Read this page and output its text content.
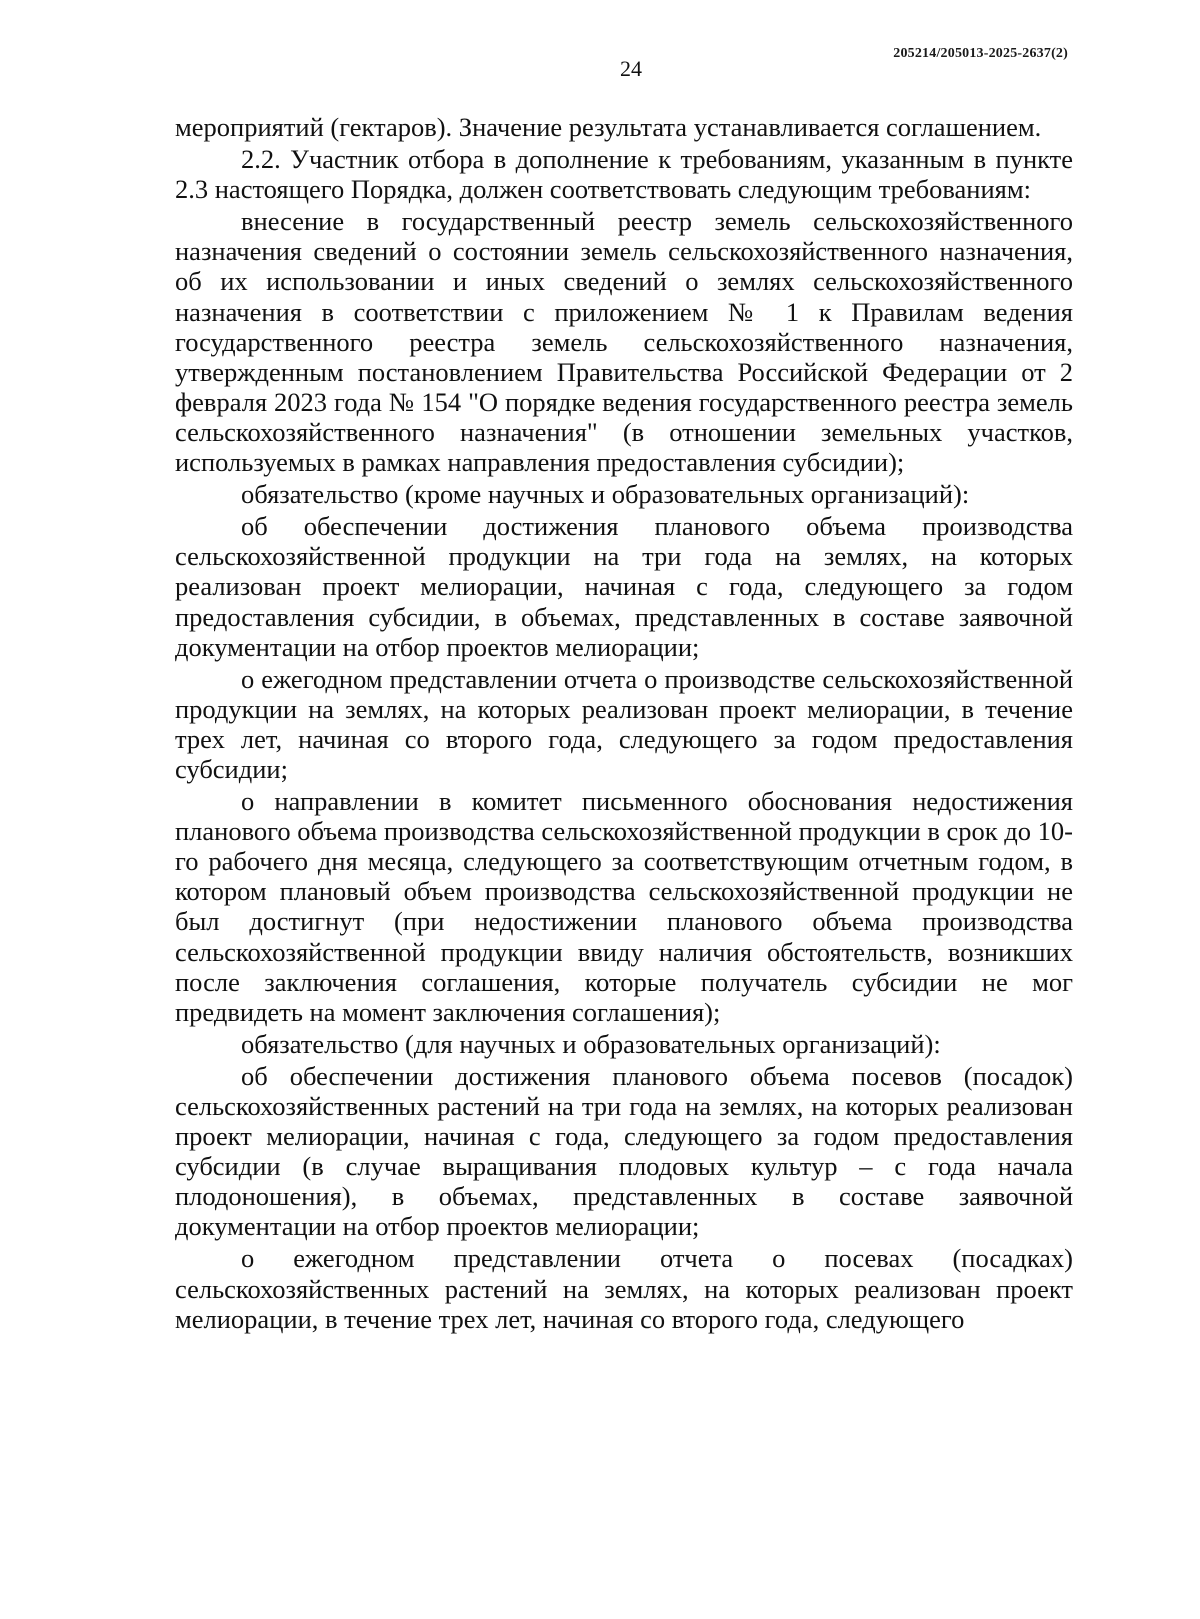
205214/205013-2025-2637(2)
24

мероприятий (гектаров). Значение результата устанавливается соглашением.

2.2. Участник отбора в дополнение к требованиям, указанным в пункте 2.3 настоящего Порядка, должен соответствовать следующим требованиям:

внесение в государственный реестр земель сельскохозяйственного назначения сведений о состоянии земель сельскохозяйственного назначения, об их использовании и иных сведений о землях сельскохозяйственного назначения в соответствии с приложением № 1 к Правилам ведения государственного реестра земель сельскохозяйственного назначения, утвержденным постановлением Правительства Российской Федерации от 2 февраля 2023 года № 154 "О порядке ведения государственного реестра земель сельскохозяйственного назначения" (в отношении земельных участков, используемых в рамках направления предоставления субсидии);

обязательство (кроме научных и образовательных организаций):

об обеспечении достижения планового объема производства сельскохозяйственной продукции на три года на землях, на которых реализован проект мелиорации, начиная с года, следующего за годом предоставления субсидии, в объемах, представленных в составе заявочной документации на отбор проектов мелиорации;

о ежегодном представлении отчета о производстве сельскохозяйственной продукции на землях, на которых реализован проект мелиорации, в течение трех лет, начиная со второго года, следующего за годом предоставления субсидии;

о направлении в комитет письменного обоснования недостижения планового объема производства сельскохозяйственной продукции в срок до 10-го рабочего дня месяца, следующего за соответствующим отчетным годом, в котором плановый объем производства сельскохозяйственной продукции не был достигнут (при недостижении планового объема производства сельскохозяйственной продукции ввиду наличия обстоятельств, возникших после заключения соглашения, которые получатель субсидии не мог предвидеть на момент заключения соглашения);

обязательство (для научных и образовательных организаций):

об обеспечении достижения планового объема посевов (посадок) сельскохозяйственных растений на три года на землях, на которых реализован проект мелиорации, начиная с года, следующего за годом предоставления субсидии (в случае выращивания плодовых культур – с года начала плодоношения), в объемах, представленных в составе заявочной документации на отбор проектов мелиорации;

о ежегодном представлении отчета о посевах (посадках) сельскохозяйственных растений на землях, на которых реализован проект мелиорации, в течение трех лет, начиная со второго года, следующего
